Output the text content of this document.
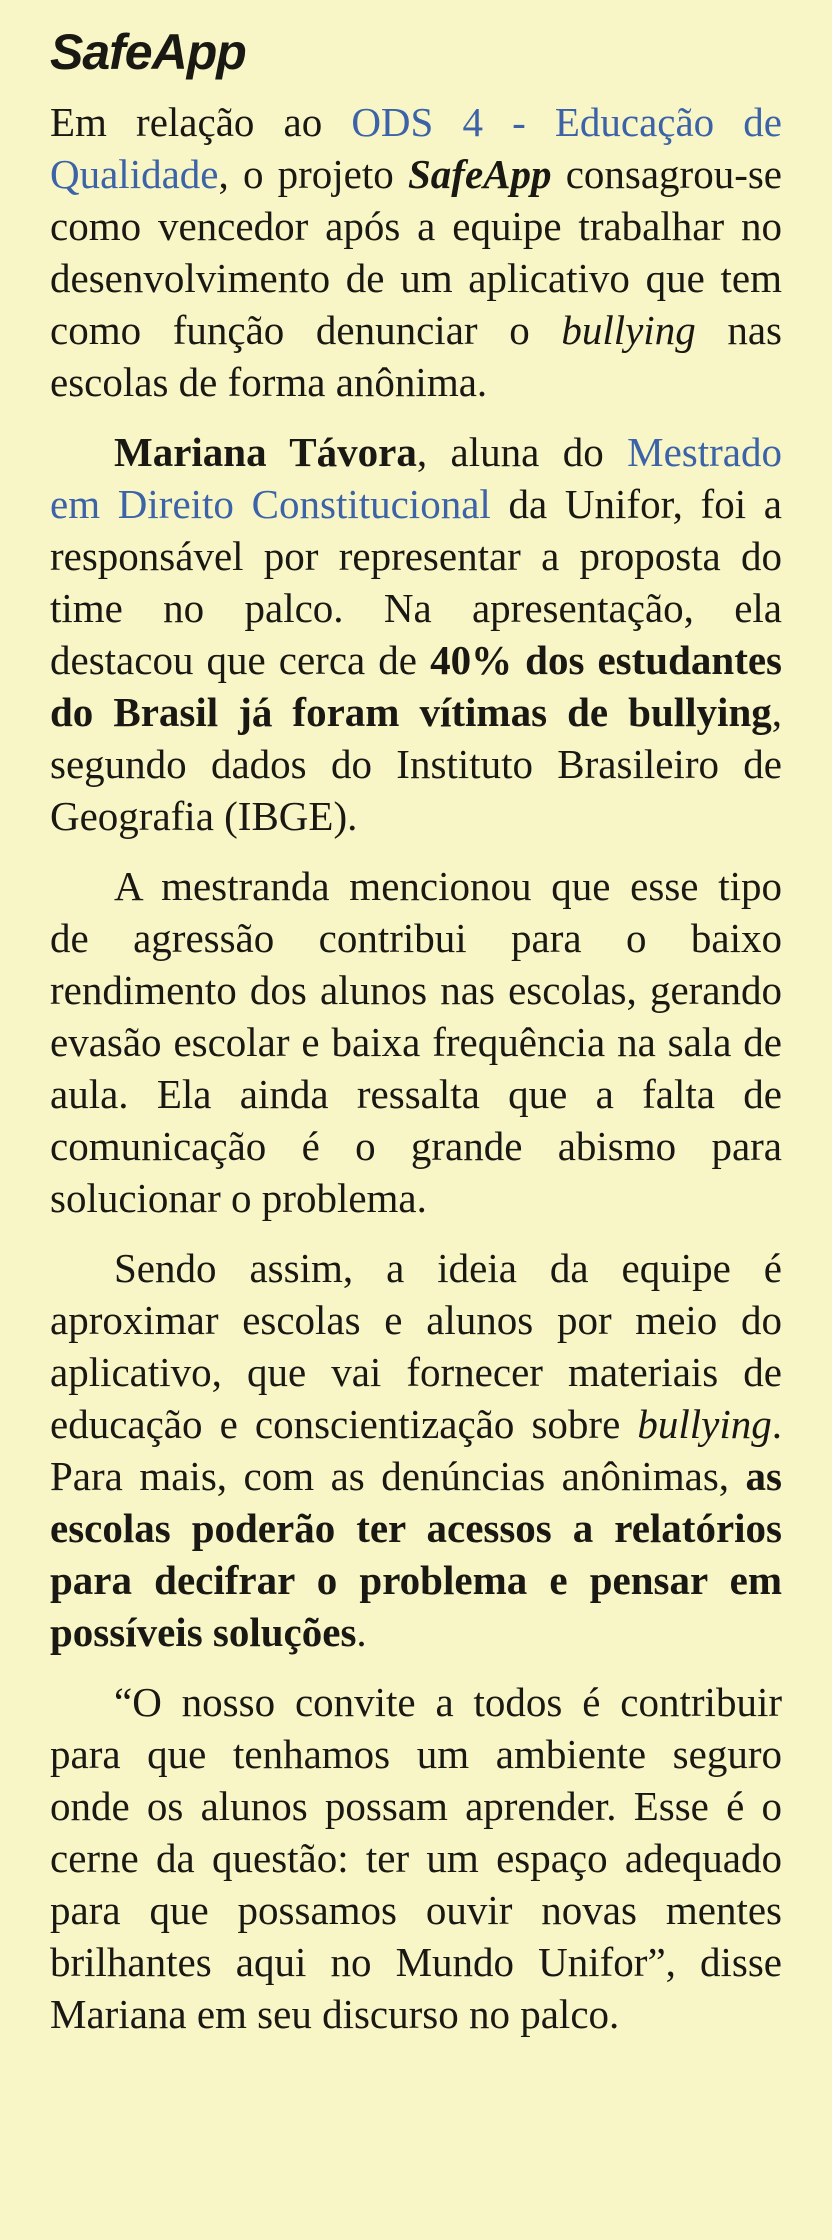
SafeApp

Em relação ao ODS 4 - Educação de Qualidade, o projeto SafeApp consagrou-se como vencedor após a equipe trabalhar no desenvolvimento de um aplicativo que tem como função denunciar o bullying nas escolas de forma anônima.

Mariana Távora, aluna do Mestrado em Direito Constitucional da Unifor, foi a responsável por representar a proposta do time no palco. Na apresentação, ela destacou que cerca de 40% dos estudantes do Brasil já foram vítimas de bullying, segundo dados do Instituto Brasileiro de Geografia (IBGE).

A mestranda mencionou que esse tipo de agressão contribui para o baixo rendimento dos alunos nas escolas, gerando evasão escolar e baixa frequência na sala de aula. Ela ainda ressalta que a falta de comunicação é o grande abismo para solucionar o problema.

Sendo assim, a ideia da equipe é aproximar escolas e alunos por meio do aplicativo, que vai fornecer materiais de educação e conscientização sobre bullying. Para mais, com as denúncias anônimas, as escolas poderão ter acessos a relatórios para decifrar o problema e pensar em possíveis soluções.

“O nosso convite a todos é contribuir para que tenhamos um ambiente seguro onde os alunos possam aprender. Esse é o cerne da questão: ter um espaço adequado para que possamos ouvir novas mentes brilhantes aqui no Mundo Unifor”, disse Mariana em seu discurso no palco.
